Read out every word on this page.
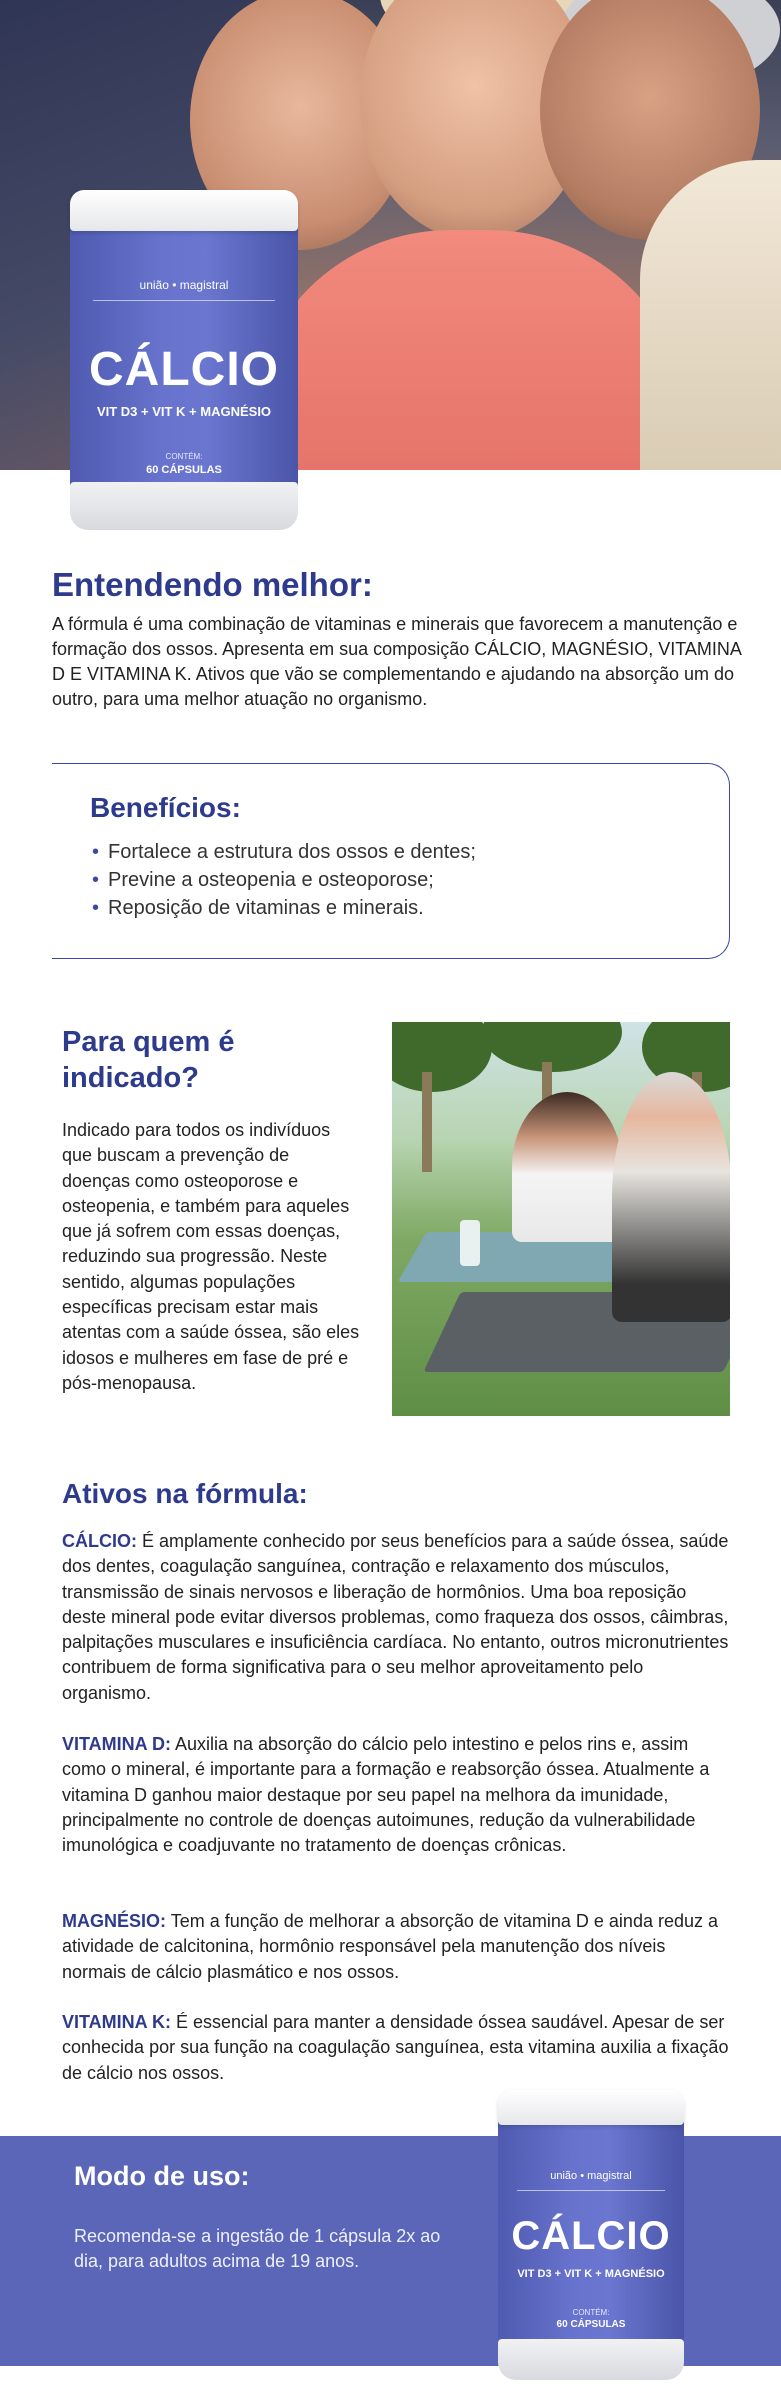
união • magistral
CÁLCIO
VIT D3 + VIT K + MAGNÉSIO
CONTÉM:
60 CÁPSULAS
Entendendo melhor:

A fórmula é uma combinação de vitaminas e minerais que favorecem a manutenção e formação dos ossos. Apresenta em sua composição CÁLCIO, MAGNÉSIO, VITAMINA D E VITAMINA K. Ativos que vão se complementando e ajudando na absorção um do outro, para uma melhor atuação no organismo.

Benefícios:
• Fortalece a estrutura dos ossos e dentes;
• Previne a osteopenia e osteoporose;
• Reposição de vitaminas e minerais.
Para quem é indicado?

Indicado para todos os indivíduos que buscam a prevenção de doenças como osteoporose e osteopenia, e também para aqueles que já sofrem com essas doenças, reduzindo sua progressão. Neste sentido, algumas populações específicas precisam estar mais atentas com a saúde óssea, são eles idosos e mulheres em fase de pré e pós-menopausa.

Ativos na fórmula:

CÁLCIO: É amplamente conhecido por seus benefícios para a saúde óssea, saúde dos dentes, coagulação sanguínea, contração e relaxamento dos músculos, transmissão de sinais nervosos e liberação de hormônios. Uma boa reposição deste mineral pode evitar diversos problemas, como fraqueza dos ossos, câimbras, palpitações musculares e insuficiência cardíaca. No entanto, outros micronutrientes contribuem de forma significativa para o seu melhor aproveitamento pelo organismo.

VITAMINA D: Auxilia na absorção do cálcio pelo intestino e pelos rins e, assim como o mineral, é importante para a formação e reabsorção óssea. Atualmente a vitamina D ganhou maior destaque por seu papel na melhora da imunidade, principalmente no controle de doenças autoimunes, redução da vulnerabilidade imunológica e coadjuvante no tratamento de doenças crônicas.

MAGNÉSIO: Tem a função de melhorar a absorção de vitamina D e ainda reduz a atividade de calcitonina, hormônio responsável pela manutenção dos níveis normais de cálcio plasmático e nos ossos.

VITAMINA K: É essencial para manter a densidade óssea saudável. Apesar de ser conhecida por sua função na coagulação sanguínea, esta vitamina auxilia a fixação de cálcio nos ossos.

Modo de uso:

Recomenda-se a ingestão de 1 cápsula 2x ao dia, para adultos acima de 19 anos.

união • magistral
CÁLCIO
VIT D3 + VIT K + MAGNÉSIO
CONTÉM:
60 CÁPSULAS
